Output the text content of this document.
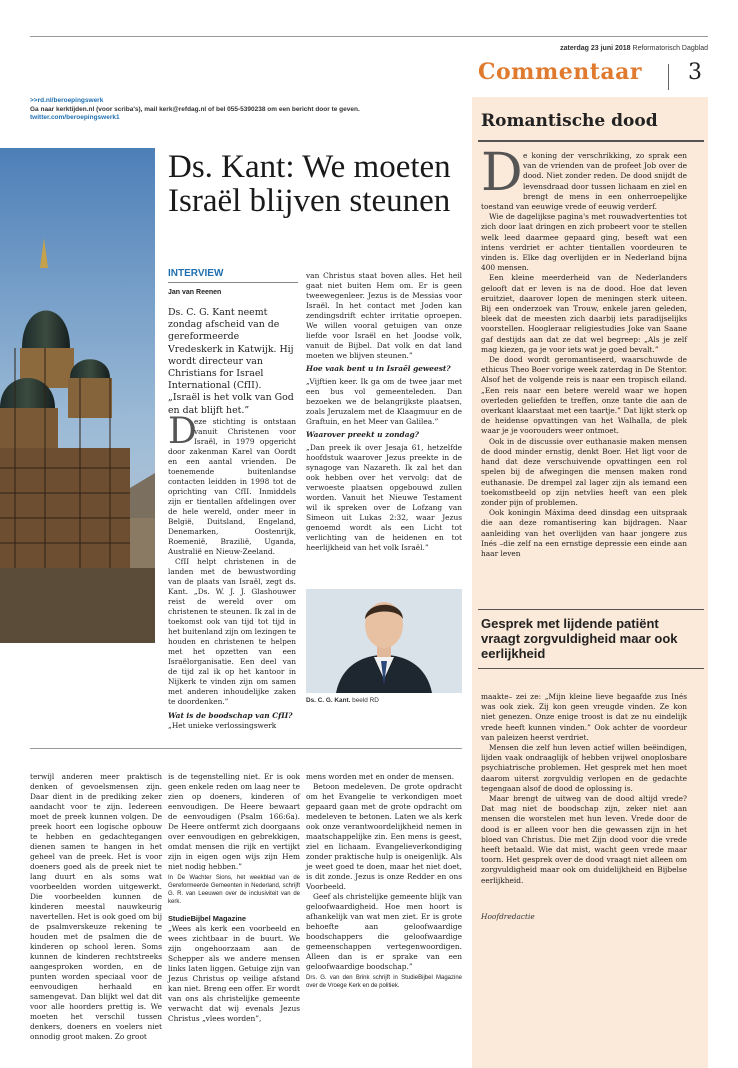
zaterdag 23 juni 2018 Reformatorisch Dagblad
Commentaar 3
>>rd.nl/beroepingswerk
Ga naar kerktijden.nl (voor scriba's), mail kerk@refdag.nl of bel 055-5390238 om een bericht door te geven.
twitter.com/beroepingswerk1
Ds. Kant: We moeten Israël blijven steunen
INTERVIEW
Jan van Reenen
Ds. C. G. Kant neemt zondag afscheid van de gereformeerde Vredeskerk in Katwijk. Hij wordt directeur van Christians for Israel International (CfII). „Israël is het volk van God en dat blijft het.”

D
eze stichting is ontstaan vanuit Christenen voor Israël, in 1979 opgericht door zakenman Karel van Oordt en een aantal vrienden. De toenemende buitenlandse contacten leidden in 1998 tot de oprichting van CfII. Inmiddels zijn er tientallen afdelingen over de hele wereld, onder meer in België, Duitsland, Engeland, Denemarken, Oostenrijk, Roemenië, Brazilië, Uganda, Australië en Nieuw-Zeeland.

CfII helpt christenen in de landen met de bewustwording van de plaats van Israël, zegt ds. Kant. „Ds. W. J. J. Glashouwer reist de wereld over om christenen te steunen. Ik zal in de toekomst ook van tijd tot tijd in het buitenland zijn om lezingen te houden en christenen te helpen met het opzetten van een Israëlorganisatie. Een deel van de tijd zal ik op het kantoor in Nijkerk te vinden zijn om samen met anderen inhoudelijke zaken te doordenken.”

Wat is de boodschap van CfII?

„Het unieke verlossingswerk

van Christus staat boven alles. Het heil gaat niet buiten Hem om. Er is geen tweewegenleer. Jezus is de Messias voor Israël. In het contact met Joden kan zendingsdrift echter irritatie oproepen. We willen vooral getuigen van onze liefde voor Israël en het Joodse volk, vanuit de Bijbel. Dat volk en dat land moeten we blijven steunen.”

Hoe vaak bent u in Israël geweest?

„Vijftien keer. Ik ga om de twee jaar met een bus vol gemeenteleden. Dan bezoeken we de belangrijkste plaatsen, zoals Jeruzalem met de Klaagmuur en de Graftuin, en het Meer van Galilea.”

Waarover preekt u zondag?

„Dan preek ik over Jesaja 61, hetzelfde hoofdstuk waarover Jezus preekte in de synagoge van Nazareth. Ik zal het dan ook hebben over het vervolg: dat de verwoeste plaatsen opgebouwd zullen worden. Vanuit het Nieuwe Testament wil ik spreken over de Lofzang van Simeon uit Lukas 2:32, waar Jezus genoemd wordt als een Licht tot verlichting van de heidenen en tot heerlijkheid van het volk Israël.”

Ds. C. G. Kant. beeld RD

terwijl anderen meer praktisch denken of gevoelsmensen zijn. Daar dient in de prediking zeker aandacht voor te zijn. Iedereen moet de preek kunnen volgen. De preek hoort een logische opbouw te hebben en gedachtegangen dienen samen te hangen in het geheel van de preek. Het is voor doeners goed als de preek niet te lang duurt en als soms wat voorbeelden worden uitgewerkt. Die voorbeelden kunnen de kinderen meestal nauwkeurig navertellen. Het is ook goed om bij de psalmverskeuze rekening te houden met de psalmen die de kinderen op school leren. Soms kunnen de kinderen rechtstreeks aangesproken worden, en de punten worden speciaal voor de eenvoudigen herhaald en samengevat. Dan blijkt wel dat dit voor alle hoorders prettig is. We moeten het verschil tussen denkers, doeners en voelers niet onnodig groot maken. Zo groot

is de tegenstelling niet. Er is ook geen enkele reden om laag neer te zien op doeners, kinderen of eenvoudigen. De Heere bewaart de eenvoudigen (Psalm 166:6a). De Heere ontfermt zich doorgaans over eenvoudigen en gebrekkigen, omdat mensen die rijk en vertijkt zijn in eigen ogen wijs zijn Hem niet nodig hebben.”

In De Wachter Sions, het weekblad van de Gereformeerde Gemeenten in Nederland, schrijft G. R. van Leeuwen over de inclusiviteit van de kerk.

StudieBijbel Magazine

„Wees als kerk een voorbeeld en wees zichtbaar in de buurt. We zijn ongehoorzaam aan de Schepper als we andere mensen links laten liggen. Getuige zijn van Jezus Christus op veilige afstand kan niet. Breng een offer. Er wordt van ons als christelijke gemeente verwacht dat wij evenals Jezus Christus „vlees worden”,

mens worden met en onder de mensen.

Betoon medeleven. De grote opdracht om het Evangelie te verkondigen moet gepaard gaan met de grote opdracht om medeleven te betonen. Laten we als kerk ook onze verantwoordelijkheid nemen in maatschappelijke zin. Een mens is geest, ziel en lichaam. Evangelieverkondiging zonder praktische hulp is oneigenlijk. Als je weet goed te doen, maar het niet doet, is dit zonde. Jezus is onze Redder en ons Voorbeeld.

Geef als christelijke gemeente blijk van geloofwaardigheid. Hoe men hoort is afhankelijk van wat men ziet. Er is grote behoefte aan geloofwaardige boodschappers die geloofwaardige gemeenschappen vertegenwoordigen. Alleen dan is er sprake van een geloofwaardige boodschap.”

Drs. G. van den Brink schrijft in StudieBijbel Magazine over de Vroege Kerk en de politiek.

Romantische dood

De koning der verschrikking, zo sprak een van de vrienden van de profeet Job over de dood. Niet zonder reden. De dood snijdt de levensdraad door tussen lichaam en ziel en brengt de mens in een onherroepelijke toestand van eeuwige vrede of eeuwig verderf.

Wie de dagelijkse pagina's met rouwadvertenties tot zich door laat dringen en zich probeert voor te stellen welk leed daarmee gepaard ging, beseft wat een intens verdriet er achter tientallen voordeuren te vinden is. Elke dag overlijden er in Nederland bijna 400 mensen.

Een kleine meerderheid van de Nederlanders gelooft dat er leven is na de dood. Hoe dat leven eruitziet, daarover lopen de meningen sterk uiteen. Bij een onderzoek van Trouw, enkele jaren geleden, bleek dat de meesten zich daarbij iets paradijselijks voorstellen. Hoogleraar religiestudies Joke van Saane gaf destijds aan dat ze dat wel begreep: „Als je zelf mag kiezen, ga je voor iets wat je goed bevalt.”

De dood wordt geromantiseerd, waarschuwde de ethicus Theo Boer vorige week zaterdag in De Stentor. Alsof het de volgende reis is naar een tropisch eiland. „Een reis naar een betere wereld waar we hopen overleden geliefden te treffen, onze tante die aan de overkant klaarstaat met een taartje.” Dat lijkt sterk op de heidense opvattingen van het Walhalla, de plek waar je je voorouders weer ontmoet.

Ook in de discussie over euthanasie maken mensen de dood minder ernstig, denkt Boer. Het ligt voor de hand dat deze verschuivende opvattingen een rol spelen bij de afwegingen die mensen maken rond euthanasie. De drempel zal lager zijn als iemand een toekomstbeeld op zijn netvlies heeft van een plek zonder pijn of problemen.

Ook koningin Máxima deed dinsdag een uitspraak die aan deze romantisering kan bijdragen. Naar aanleiding van het overlijden van haar jongere zus Inés –die zelf na een ernstige depressie een einde aan haar leven

Gesprek met lijdende patiënt vraagt zorgvuldigheid maar ook eerlijkheid

maakte– zei ze: „Mijn kleine lieve begaafde zus Inés was ook ziek. Zij kon geen vreugde vinden. Ze kon niet genezen. Onze enige troost is dat ze nu eindelijk vrede heeft kunnen vinden.” Ook achter de voordeur van paleizen heerst verdriet.

Mensen die zelf hun leven actief willen beëindigen, lijden vaak ondraaglijk of hebben vrijwel onoplosbare psychiatrische problemen. Het gesprek met hen moet daarom uiterst zorgvuldig verlopen en de gedachte tegengaan alsof de dood de oplossing is.

Maar brengt de uitweg van de dood altijd vrede? Dat mag niet de boodschap zijn, zeker niet aan mensen die worstelen met hun leven. Vrede door de dood is er alleen voor hen die gewassen zijn in het bloed van Christus. Die met Zijn dood voor die vrede heeft betaald. Wie dat mist, wacht geen vrede maar toorn. Het gesprek over de dood vraagt niet alleen om zorgvuldigheid maar ook om duidelijkheid en Bijbelse eerlijkheid.

Hoofdredactie
